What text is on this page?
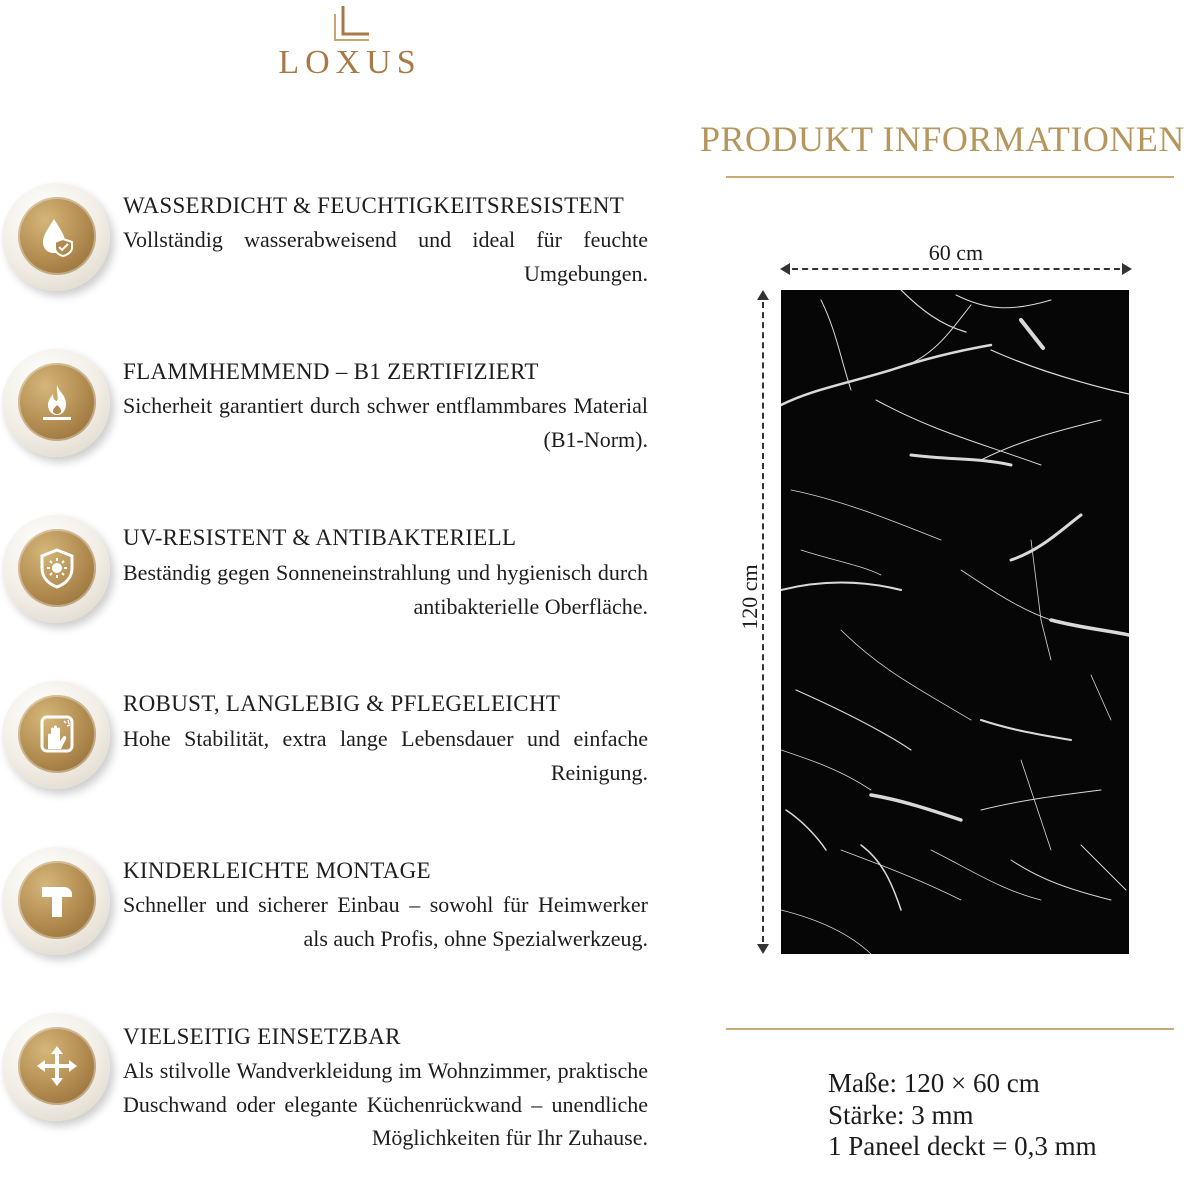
LOXUS
PRODUKT INFORMATIONEN
WASSERDICHT & FEUCHTIGKEITSRESISTENT
Vollständig wasserabweisend und ideal für feuchte Umgebungen.
FLAMMHEMMEND – B1 ZERTIFIZIERT
Sicherheit garantiert durch schwer entflammbares Material (B1-Norm).
UV-RESISTENT & ANTIBAKTERIELL
Beständig gegen Sonneneinstrahlung und hygienisch durch antibakterielle Oberfläche.
ROBUST, LANGLEBIG & PFLEGELEICHT
Hohe Stabilität, extra lange Lebensdauer und einfache Reinigung.
KINDERLEICHTE MONTAGE
Schneller und sicherer Einbau – sowohl für Heimwerker als auch Profis, ohne Spezialwerkzeug.
VIELSEITIG EINSETZBAR
Als stilvolle Wandverkleidung im Wohnzimmer, praktische Duschwand oder elegante Küchenrückwand – unendliche Möglichkeiten für Ihr Zuhause.
60 cm
120 cm
Maße: 120 × 60 cm
Stärke: 3 mm
1 Paneel deckt = 0,3 mm
